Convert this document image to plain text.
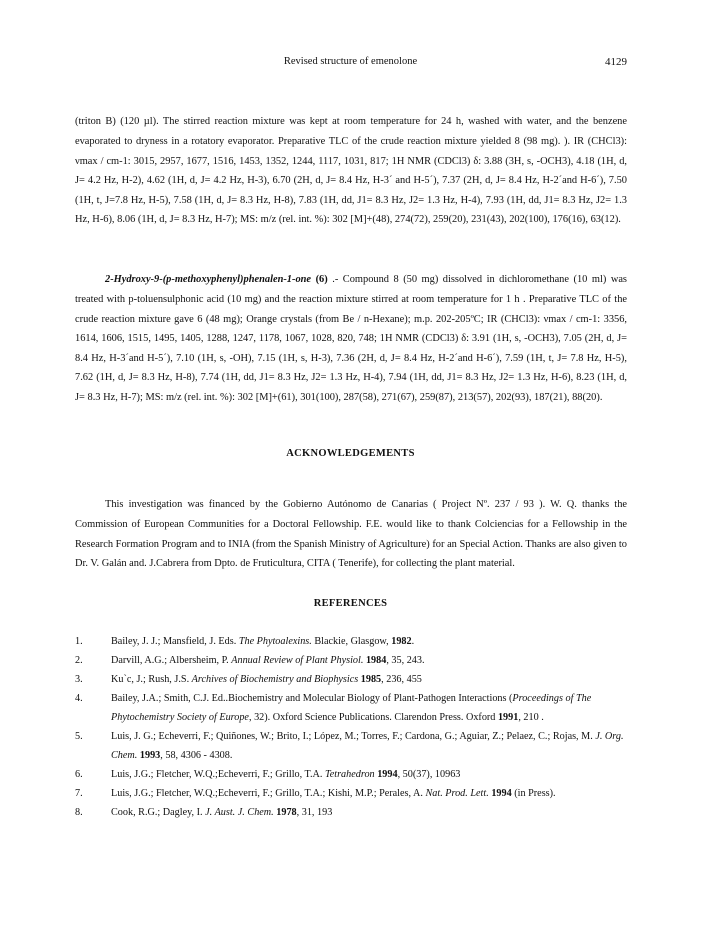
Revised structure of emenolone	4129

(triton B) (120 µl). The stirred reaction mixture was kept at room temperature for 24 h, washed with water, and the benzene evaporated to dryness in a rotatory evaporator. Preparative TLC of the crude reaction mixture yielded 8 (98 mg). ). IR (CHCl3): νmax / cm-1: 3015, 2957, 1677, 1516, 1453, 1352, 1244, 1117, 1031, 817; 1H NMR (CDCl3) δ: 3.88 (3H, s, -OCH3), 4.18 (1H, d, J= 4.2 Hz, H-2), 4.62 (1H, d, J= 4.2 Hz, H-3), 6.70 (2H, d, J= 8.4 Hz, H-3´ and H-5´), 7.37 (2H, d, J= 8.4 Hz, H-2´and H-6´), 7.50 (1H, t, J=7.8 Hz, H-5), 7.58 (1H, d, J= 8.3 Hz, H-8), 7.83 (1H, dd, J1= 8.3 Hz, J2= 1.3 Hz, H-4), 7.93 (1H, dd, J1= 8.3 Hz, J2= 1.3 Hz, H-6), 8.06 (1H, d, J= 8.3 Hz, H-7); MS: m/z (rel. int. %): 302 [M]+(48), 274(72), 259(20), 231(43), 202(100), 176(16), 63(12).

2-Hydroxy-9-(p-methoxyphenyl)phenalen-1-one (6) .- Compound 8 (50 mg) dissolved in dichloromethane (10 ml) was treated with p-toluensulphonic acid (10 mg) and the reaction mixture stirred at room temperature for 1 h . Preparative TLC of the crude reaction mixture gave 6 (48 mg); Orange crystals (from Be / n-Hexane); m.p. 202-205ºC; IR (CHCl3): νmax / cm-1: 3356, 1614, 1606, 1515, 1495, 1405, 1288, 1247, 1178, 1067, 1028, 820, 748; 1H NMR (CDCl3) δ: 3.91 (1H, s, -OCH3), 7.05 (2H, d, J= 8.4 Hz, H-3´and H-5´), 7.10 (1H, s, -OH), 7.15 (1H, s, H-3), 7.36 (2H, d, J= 8.4 Hz, H-2´and H-6´), 7.59 (1H, t, J= 7.8 Hz, H-5), 7.62 (1H, d, J= 8.3 Hz, H-8), 7.74 (1H, dd, J1= 8.3 Hz, J2= 1.3 Hz, H-4), 7.94 (1H, dd, J1= 8.3 Hz, J2= 1.3 Hz, H-6), 8.23 (1H, d, J= 8.3 Hz, H-7); MS: m/z (rel. int. %): 302 [M]+(61), 301(100), 287(58), 271(67), 259(87), 213(57), 202(93), 187(21), 88(20).

ACKNOWLEDGEMENTS

This investigation was financed by the Gobierno Autónomo de Canarias ( Project Nº. 237 / 93 ). W. Q. thanks the Commission of European Communities for a Doctoral Fellowship. F.E. would like to thank Colciencias for a Fellowship in the Research Formation Program and to INIA (from the Spanish Ministry of Agriculture) for an Special Action. Thanks are also given to Dr. V. Galán and. J.Cabrera from Dpto. de Fruticultura, CITA ( Tenerife), for collecting the plant material.

REFERENCES
1.	Bailey, J. J.; Mansfield, J. Eds. The Phytoalexins. Blackie, Glasgow, 1982.
2.	Darvill, A.G.; Albersheim, P. Annual Review of Plant Physiol. 1984, 35, 243.
3.	Ku`c, J.; Rush, J.S. Archives of Biochemistry and Biophysics 1985, 236, 455
4.	Bailey, J.A.; Smith, C.J. Ed..Biochemistry and Molecular Biology of Plant-Pathogen Interactions (Proceedings of The Phytochemistry Society of Europe, 32). Oxford Science Publications. Clarendon Press. Oxford 1991, 210 .
5.	Luis, J. G.; Echeverri, F.; Quiñones, W.; Brito, I.; López, M.; Torres, F.; Cardona, G.; Aguiar, Z.; Pelaez, C.; Rojas, M. J. Org. Chem. 1993, 58, 4306 - 4308.
6.	Luis, J.G.; Fletcher, W.Q.;Echeverri, F.; Grillo, T.A. Tetrahedron 1994, 50(37), 10963
7.	Luis, J.G.; Fletcher, W.Q.;Echeverri, F.; Grillo, T.A.; Kishi, M.P.; Perales, A. Nat. Prod. Lett. 1994 (in Press).
8.	Cook, R.G.; Dagley, I. J. Aust. J. Chem. 1978, 31, 193
